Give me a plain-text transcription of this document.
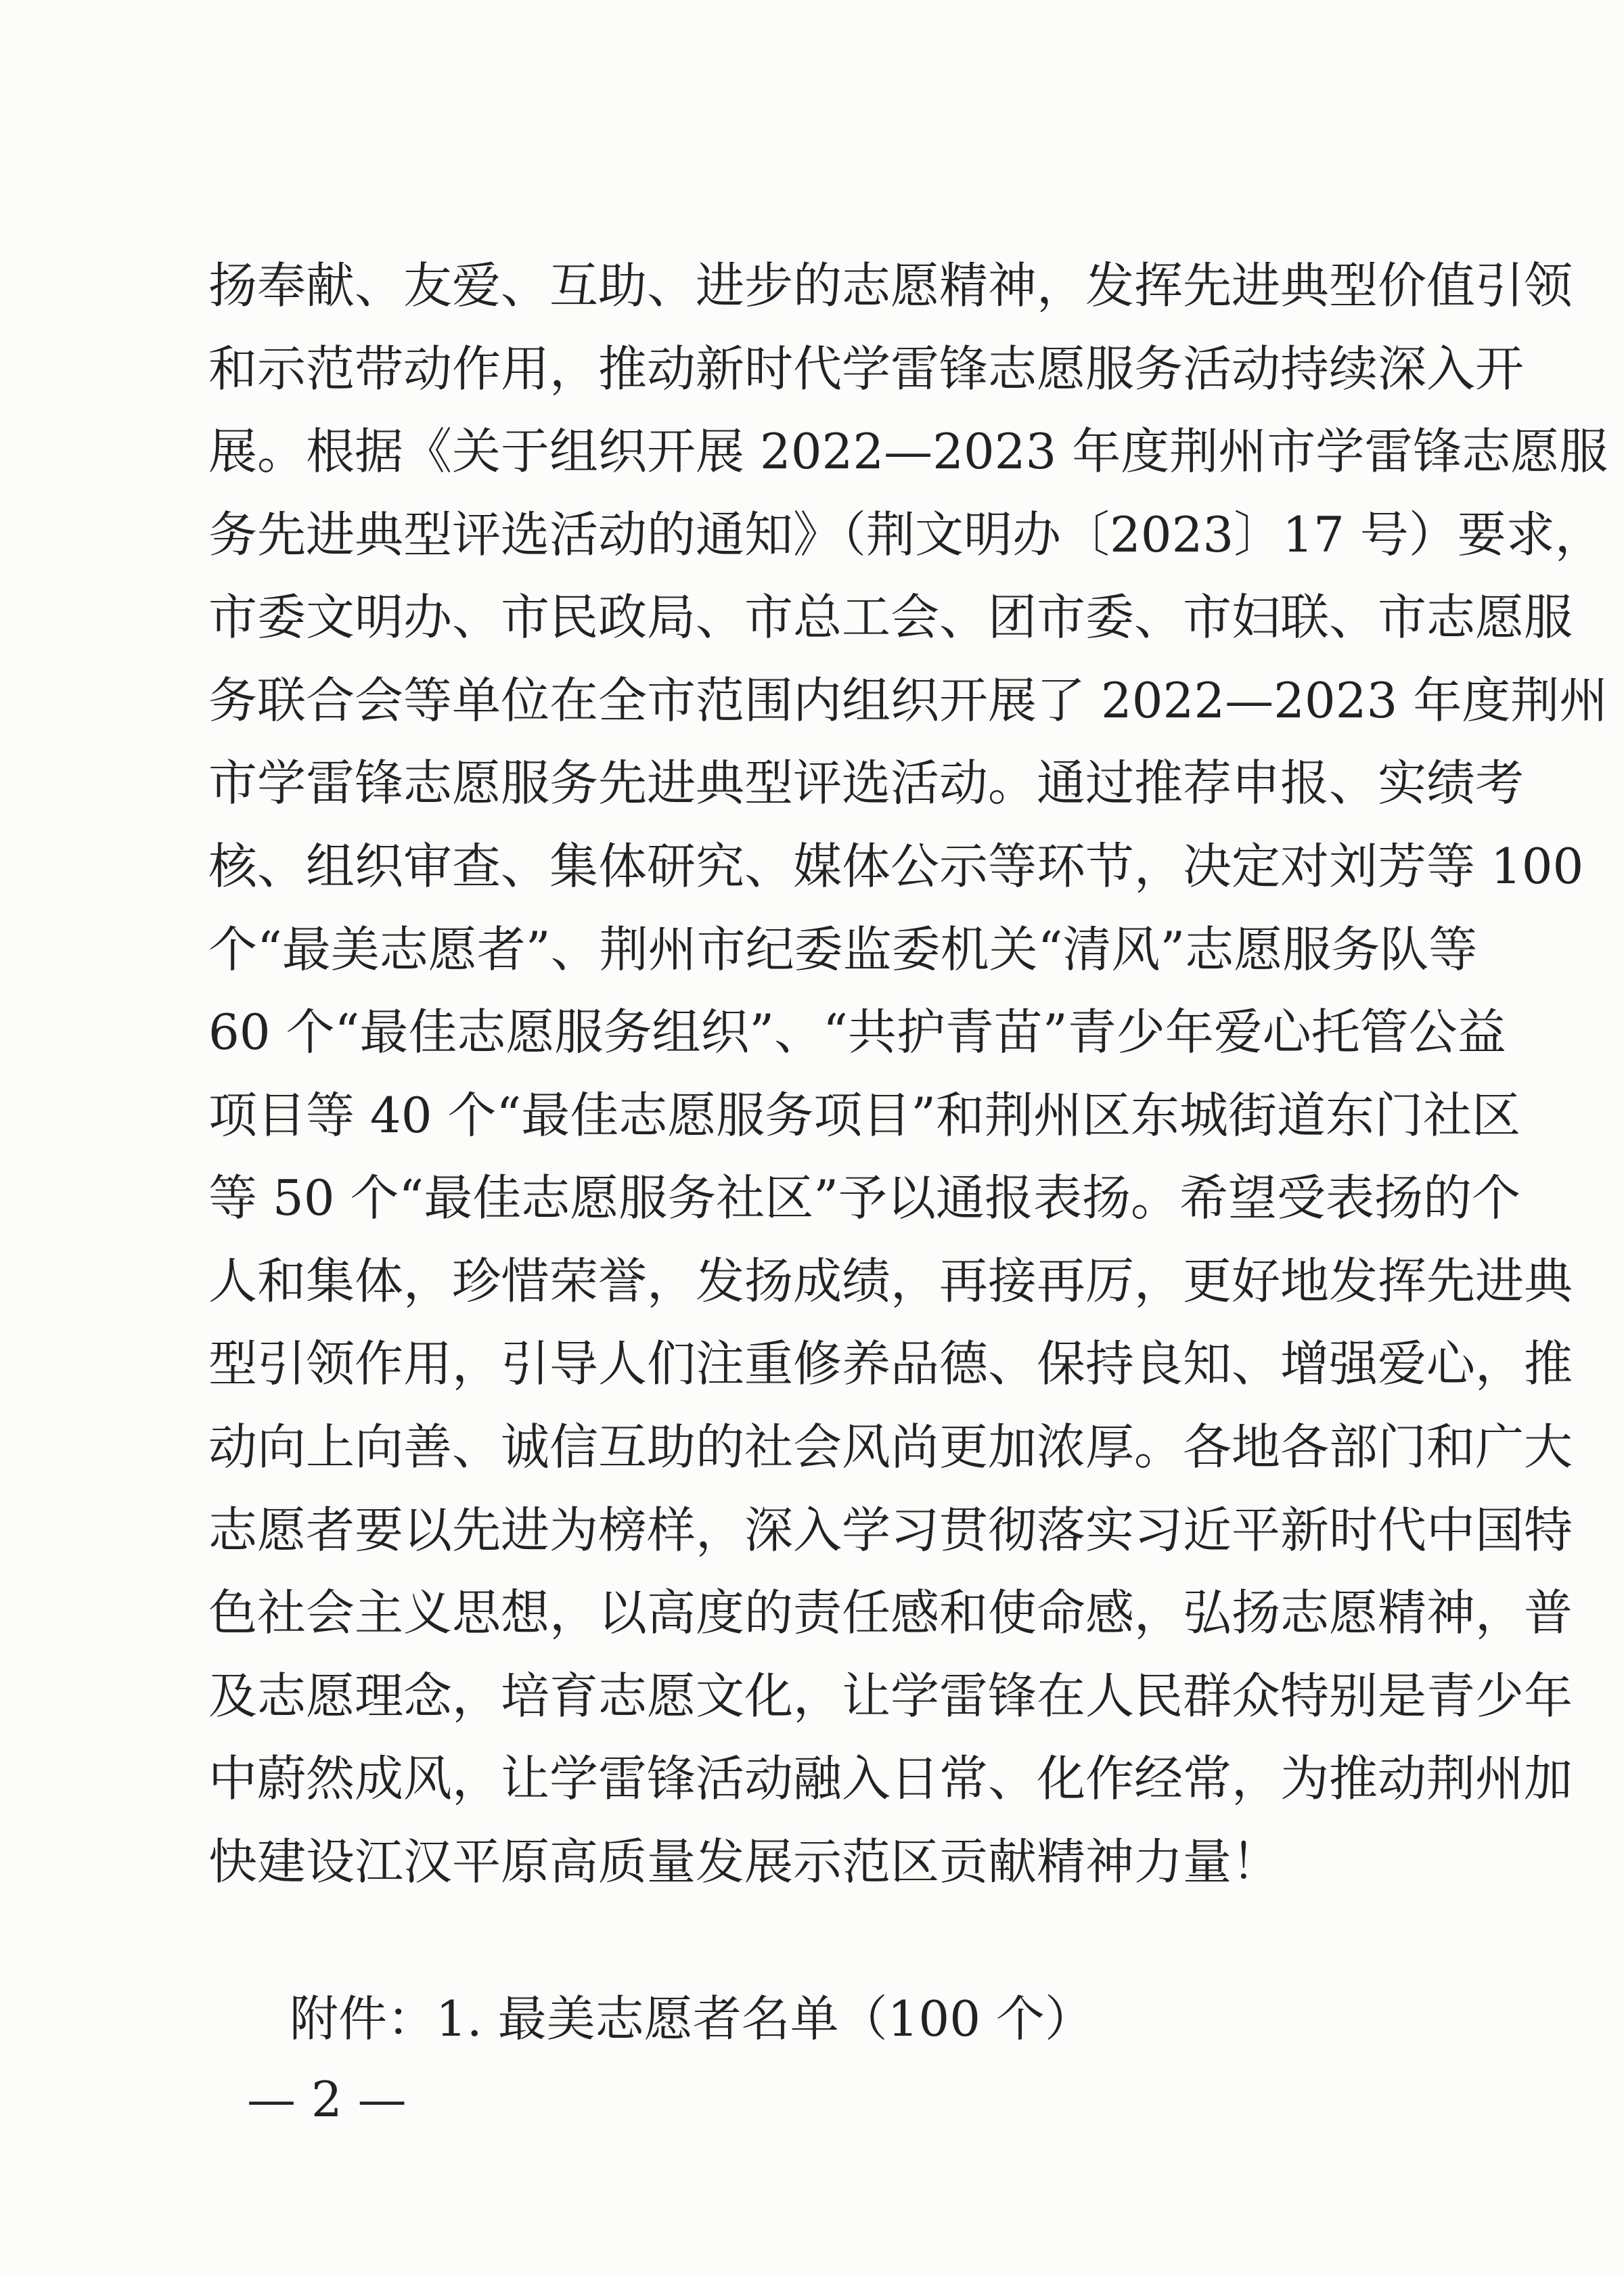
扬奉献、友爱、互助、进步的志愿精神，发挥先进典型价值引领
和示范带动作用，推动新时代学雷锋志愿服务活动持续深入开
展。根据《关于组织开展 2022—2023 年度荆州市学雷锋志愿服
务先进典型评选活动的通知》（荆文明办〔2023〕17 号）要求，
市委文明办、市民政局、市总工会、团市委、市妇联、市志愿服
务联合会等单位在全市范围内组织开展了 2022—2023 年度荆州
市学雷锋志愿服务先进典型评选活动。通过推荐申报、实绩考
核、组织审查、集体研究、媒体公示等环节，决定对刘芳等 100
个“最美志愿者”、荆州市纪委监委机关“清风”志愿服务队等
60 个“最佳志愿服务组织”、“共护青苗”青少年爱心托管公益
项目等 40 个“最佳志愿服务项目”和荆州区东城街道东门社区
等 50 个“最佳志愿服务社区”予以通报表扬。希望受表扬的个
人和集体，珍惜荣誉，发扬成绩，再接再厉，更好地发挥先进典
型引领作用，引导人们注重修养品德、保持良知、增强爱心，推
动向上向善、诚信互助的社会风尚更加浓厚。各地各部门和广大
志愿者要以先进为榜样，深入学习贯彻落实习近平新时代中国特
色社会主义思想，以高度的责任感和使命感，弘扬志愿精神，普
及志愿理念，培育志愿文化，让学雷锋在人民群众特别是青少年
中蔚然成风，让学雷锋活动融入日常、化作经常，为推动荆州加
快建设江汉平原高质量发展示范区贡献精神力量！
附件：1. 最美志愿者名单（100 个）
— 2 —
